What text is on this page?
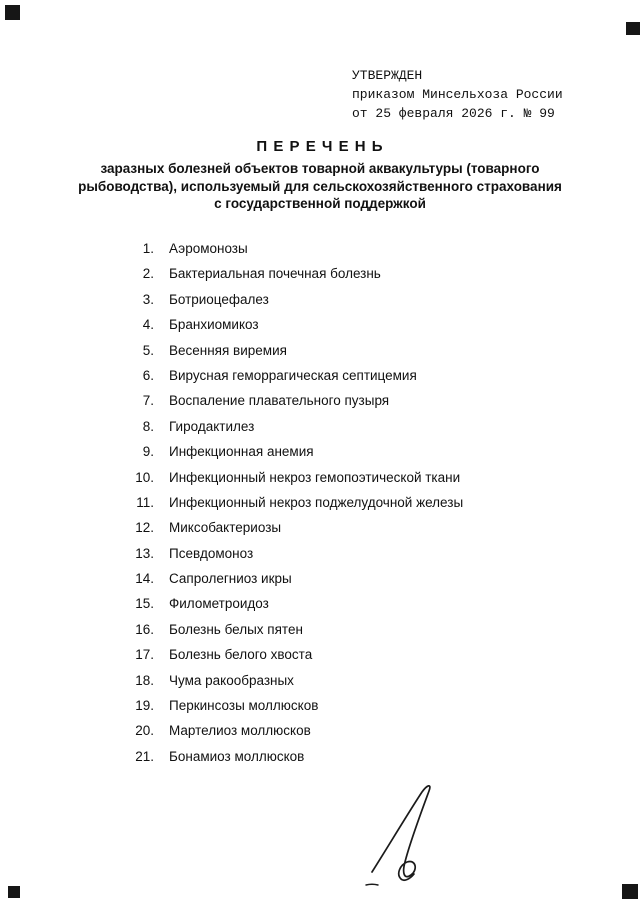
УТВЕРЖДЕН
приказом Минсельхоза России
от 25 февраля 2026 г. № 99
П Е Р Е Ч Е Н Ь
заразных болезней объектов товарной аквакультуры (товарного
рыбоводства), используемый для сельскохозяйственного страхования
с государственной поддержкой
1. Аэромонозы
2. Бактериальная почечная болезнь
3. Ботриоцефалез
4. Бранхиомикоз
5. Весенняя виремия
6. Вирусная геморрагическая септицемия
7. Воспаление плавательного пузыря
8. Гиродактилез
9. Инфекционная анемия
10. Инфекционный некроз гемопоэтической ткани
11. Инфекционный некроз поджелудочной железы
12. Миксобактериозы
13. Псевдомоноз
14. Сапролегниоз икры
15. Филометроидоз
16. Болезнь белых пятен
17. Болезнь белого хвоста
18. Чума ракообразных
19. Перкинсозы моллюсков
20. Мартелиоз моллюсков
21. Бонамиоз моллюсков
